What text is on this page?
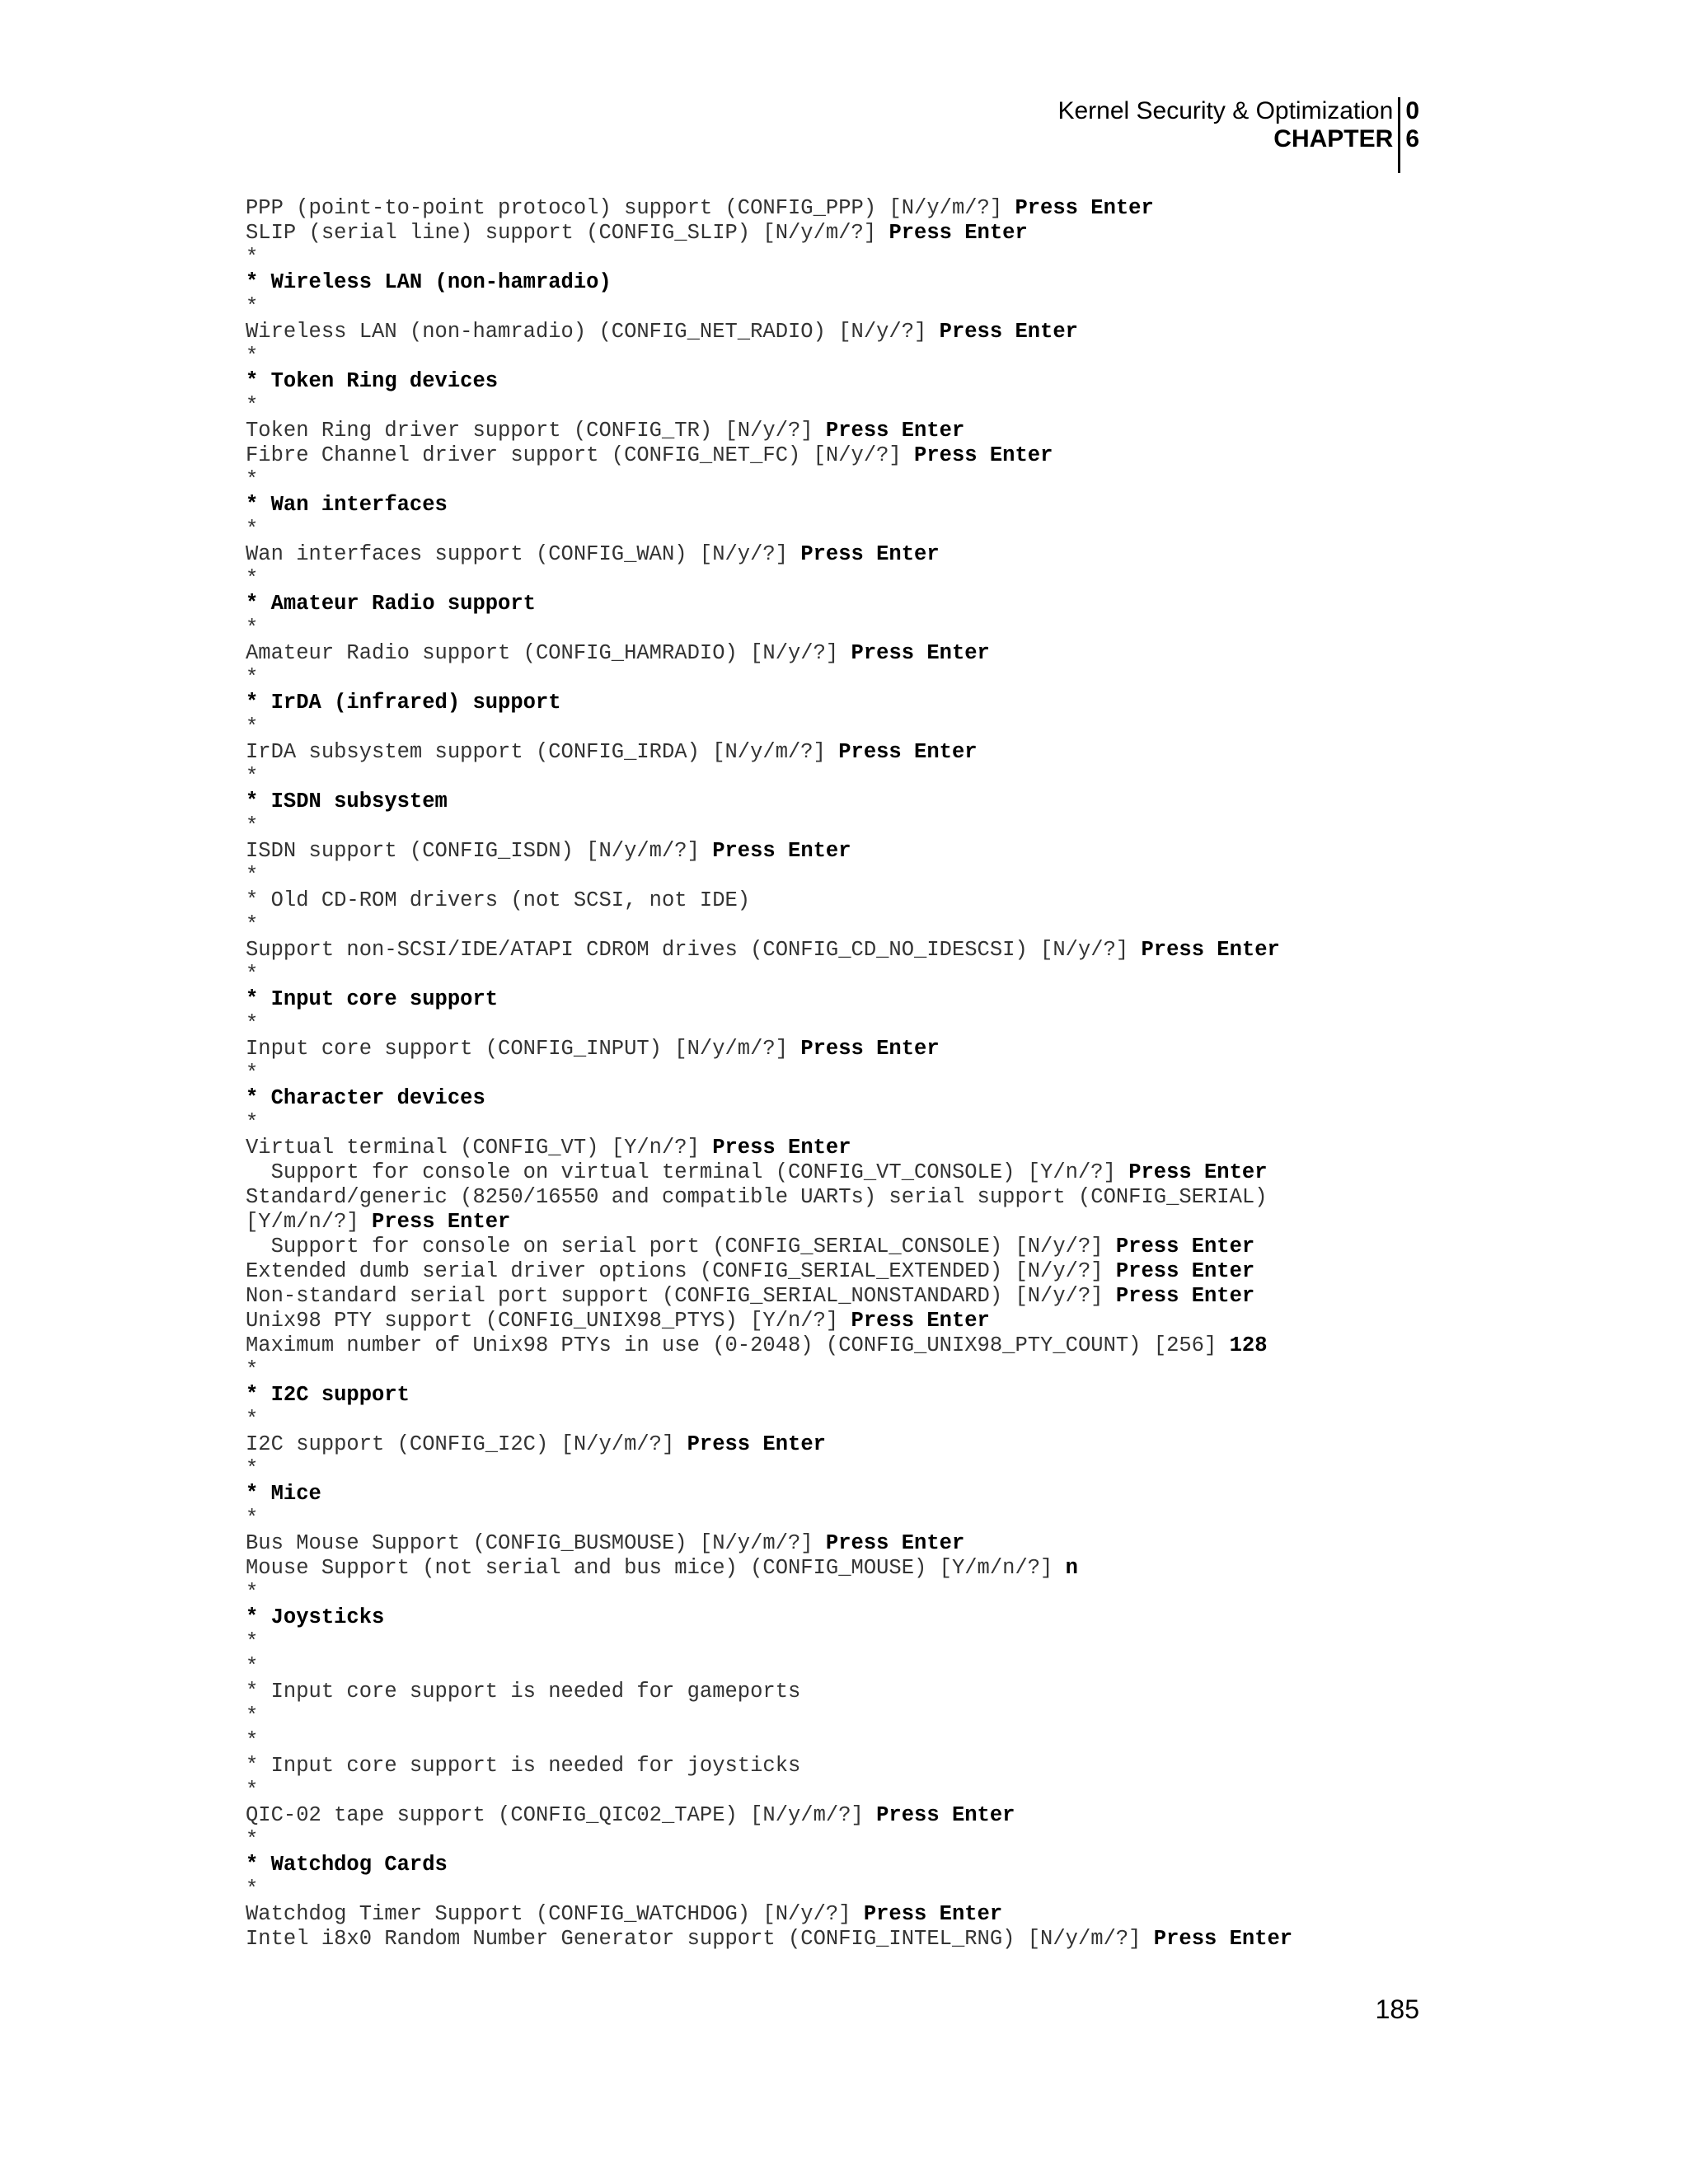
Kernel Security & Optimization
CHAPTER
0
6
PPP (point-to-point protocol) support (CONFIG_PPP) [N/y/m/?] Press Enter
SLIP (serial line) support (CONFIG_SLIP) [N/y/m/?] Press Enter
*
* Wireless LAN (non-hamradio)
*
Wireless LAN (non-hamradio) (CONFIG_NET_RADIO) [N/y/?] Press Enter
*
* Token Ring devices
*
Token Ring driver support (CONFIG_TR) [N/y/?] Press Enter
Fibre Channel driver support (CONFIG_NET_FC) [N/y/?] Press Enter
*
* Wan interfaces
*
Wan interfaces support (CONFIG_WAN) [N/y/?] Press Enter
*
* Amateur Radio support
*
Amateur Radio support (CONFIG_HAMRADIO) [N/y/?] Press Enter
*
* IrDA (infrared) support
*
IrDA subsystem support (CONFIG_IRDA) [N/y/m/?] Press Enter
*
* ISDN subsystem
*
ISDN support (CONFIG_ISDN) [N/y/m/?] Press Enter
*
* Old CD-ROM drivers (not SCSI, not IDE)
*
Support non-SCSI/IDE/ATAPI CDROM drives (CONFIG_CD_NO_IDESCSI) [N/y/?] Press Enter
*
* Input core support
*
Input core support (CONFIG_INPUT) [N/y/m/?] Press Enter
*
* Character devices
*
Virtual terminal (CONFIG_VT) [Y/n/?] Press Enter
Support for console on virtual terminal (CONFIG_VT_CONSOLE) [Y/n/?] Press Enter
Standard/generic (8250/16550 and compatible UARTs) serial support (CONFIG_SERIAL)
[Y/m/n/?] Press Enter
Support for console on serial port (CONFIG_SERIAL_CONSOLE) [N/y/?] Press Enter
Extended dumb serial driver options (CONFIG_SERIAL_EXTENDED) [N/y/?] Press Enter
Non-standard serial port support (CONFIG_SERIAL_NONSTANDARD) [N/y/?] Press Enter
Unix98 PTY support (CONFIG_UNIX98_PTYS) [Y/n/?] Press Enter
Maximum number of Unix98 PTYs in use (0-2048) (CONFIG_UNIX98_PTY_COUNT) [256] 128
*
* I2C support
*
I2C support (CONFIG_I2C) [N/y/m/?] Press Enter
*
* Mice
*
Bus Mouse Support (CONFIG_BUSMOUSE) [N/y/m/?] Press Enter
Mouse Support (not serial and bus mice) (CONFIG_MOUSE) [Y/m/n/?] n
*
* Joysticks
*
*
* Input core support is needed for gameports
*
*
* Input core support is needed for joysticks
*
QIC-02 tape support (CONFIG_QIC02_TAPE) [N/y/m/?] Press Enter
*
* Watchdog Cards
*
Watchdog Timer Support (CONFIG_WATCHDOG) [N/y/?] Press Enter
Intel i8x0 Random Number Generator support (CONFIG_INTEL_RNG) [N/y/m/?] Press Enter
185
